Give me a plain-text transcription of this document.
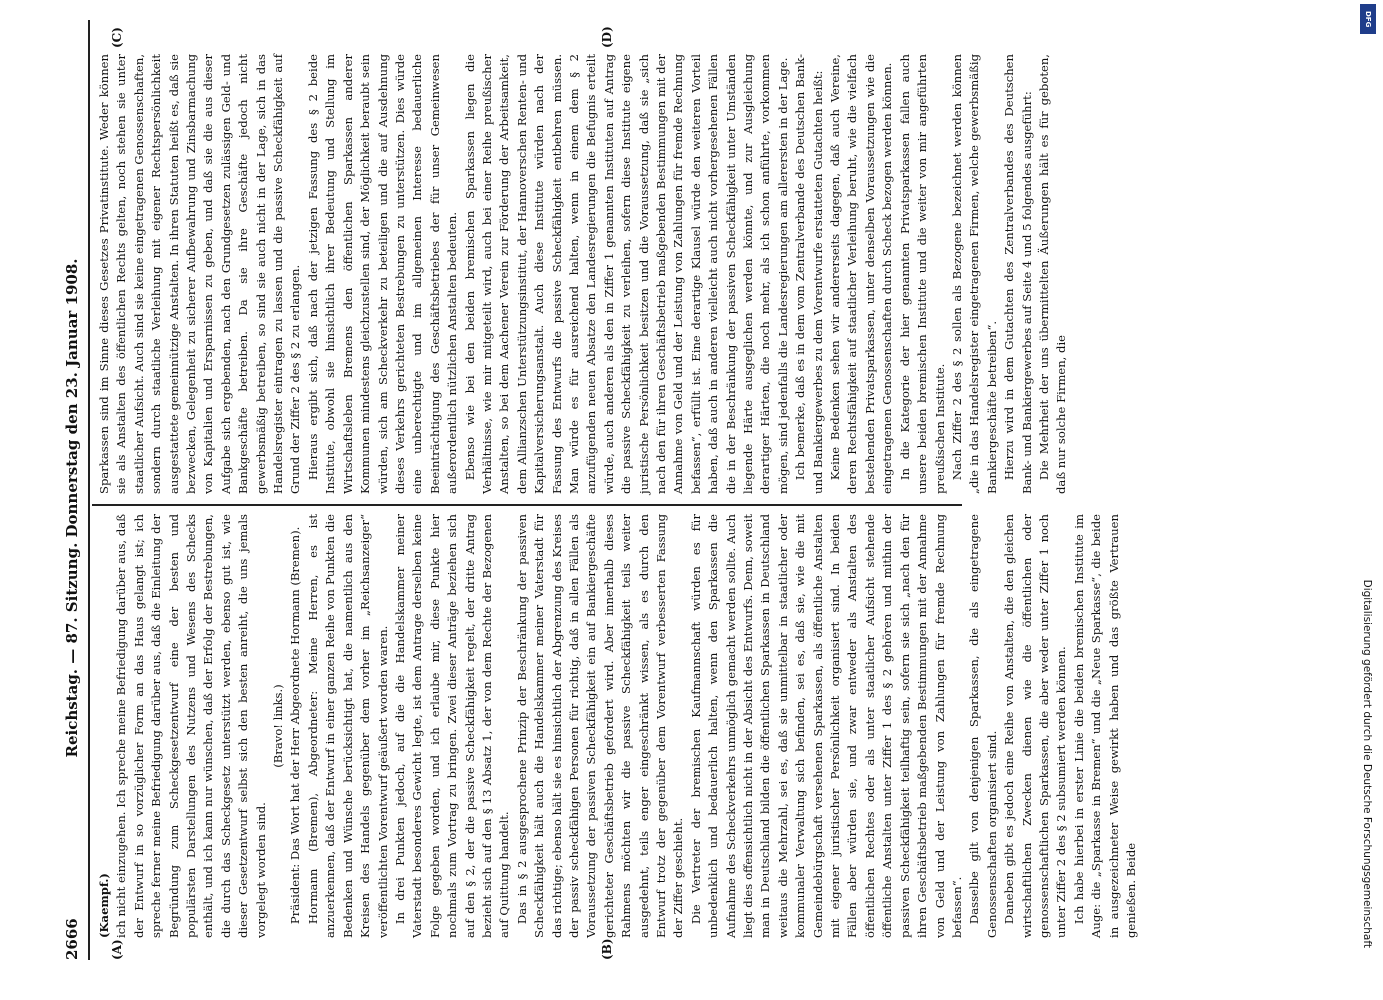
2666
Reichstag. — 87. Sitzung. Donnerstag den 23. Januar 1908.
(A)	(B)
(C)	(D)

(Kaempf.) ich nicht einzugehen. Ich spreche meine Befriedigung darüber aus, daß der Entwurf in so vorzüglicher Form an das Haus gelangt ist; ich spreche ferner meine Befriedigung darüber aus, daß die Einleitung der Begründung zum Scheckgesetzentwurf eine der besten und populärsten Darstellungen des Nutzens und Wesens des Schecks enthält, und ich kann nur wünschen, daß der Erfolg der Bestrebungen, die durch das Scheckgesetz unterstützt werden, ebenso gut ist, wie dieser Gesetzentwurf selbst sich den besten anreiht, die uns jemals vorgelegt worden sind.

(Bravo! links.) Präsident: Das Wort hat der Herr Abgeordnete Hormann (Bremen). Hormann (Bremen), Abgeordneter: Meine Herren, es ist anzuerkennen, daß der Entwurf in einer ganzen Reihe von Punkten die Bedenken und Wünsche berücksichtigt hat, die namentlich aus den Kreisen des Handels gegenüber dem vorher im „Reichsanzeiger“ veröffentlichten Vorentwurf geäußert worden waren. In drei Punkten jedoch, auf die die Handelskammer meiner Vaterstadt besonderes Gewicht legte, ist dem Antrage derselben keine Folge gegeben worden, und ich erlaube mir, diese Punkte hier nochmals zum Vortrag zu bringen. Zwei dieser Anträge beziehen sich auf den § 2, der die passive Scheckfähigkeit regelt, der dritte Antrag bezieht sich auf den § 13 Absatz 1, der von dem Rechte der Bezogenen auf Quittung handelt. Das in § 2 ausgesprochene Prinzip der Beschränkung der passiven Scheckfähigkeit hält auch die Handelskammer meiner Vaterstadt für das richtige; ebenso hält sie es hinsichtlich der Abgrenzung des Kreises der passiv scheckfähigen Personen für richtig, daß in allen Fällen als Voraussetzung der passiven Scheckfähigkeit ein auf Bankiergeschäfte gerichteter Geschäftsbetrieb gefordert wird. Aber innerhalb dieses Rahmens möchten wir die passive Scheckfähigkeit teils weiter ausgedehnt, teils enger eingeschränkt wissen, als es durch den Entwurf trotz der gegenüber dem Vorentwurf verbesserten Fassung der Ziffer geschieht. Die Vertreter der bremischen Kaufmannschaft würden es für unbedenklich und bedauerlich halten, wenn den Sparkassen die Aufnahme des Scheckverkehrs unmöglich gemacht werden sollte. Auch liegt dies offensichtlich nicht in der Absicht des Entwurfs. Denn, soweit man in Deutschland bilden die öffentlichen Sparkassen in Deutschland weitaus die Mehrzahl, sei es, daß sie unmittelbar in staatlicher oder kommunaler Verwaltung sich befinden, sei es, daß sie, wie die mit Gemeindebürgschaft versehenen Sparkassen, als öffentliche Anstalten mit eigener juristischer Persönlichkeit organisiert sind. In beiden Fällen aber würden sie, und zwar entweder als Anstalten des öffentlichen Rechtes oder als unter staatlicher Aufsicht stehende öffentliche Anstalten unter Ziffer 1 des § 2 gehören und mithin der passiven Scheckfähigkeit teilhaftig sein, sofern sie sich „nach den für ihren Geschäftsbetrieb maßgebenden Bestimmungen mit der Annahme von Geld und der Leistung von Zahlungen für fremde Rechnung befassen“. Dasselbe gilt von denjenigen Sparkassen, die als eingetragene Genossenschaften organisiert sind. Daneben gibt es jedoch eine Reihe von Anstalten, die den gleichen wirtschaftlichen Zwecken dienen wie die öffentlichen oder genossenschaftlichen Sparkassen, die aber weder unter Ziffer 1 noch unter Ziffer 2 des § 2 subsumiert werden können. Ich habe hierbei in erster Linie die beiden bremischen Institute im Auge: die „Sparkasse in Bremen“ und die „Neue Sparkasse“, die beide in ausgezeichneter Weise gewirkt haben und das größte Vertrauen genießen. Beide

Sparkassen sind im Sinne dieses Gesetzes Privatinstitute. Weder können sie als Anstalten des öffentlichen Rechts gelten, noch stehen sie unter staatlicher Aufsicht. Auch sind sie keine eingetragenen Genossenschaften, sondern durch staatliche Verleihung mit eigener Rechtspersönlichkeit ausgestattete gemeinnützige Anstalten. In ihren Statuten heißt es, daß sie bezwecken, Gelegenheit zu sicherer Aufbewahrung und Zinsbarmachung von Kapitalien und Ersparnissen zu geben, und daß sie die aus dieser Aufgabe sich ergebenden, nach den Grundgesetzen zulässigen Geld- und Bankgeschäfte betreiben. Da sie ihre Geschäfte jedoch nicht gewerbsmäßig betreiben, so sind sie auch nicht in der Lage, sich in das Handelsregister eintragen zu lassen und die passive Scheckfähigkeit auf Grund der Ziffer 2 des § 2 zu erlangen. Hieraus ergibt sich, daß nach der jetzigen Fassung des § 2 beide Institute, obwohl sie hinsichtlich ihrer Bedeutung und Stellung im Wirtschaftsleben Bremens den öffentlichen Sparkassen anderer Kommunen mindestens gleichzustellen sind, der Möglichkeit beraubt sein würden, sich am Scheckverkehr zu beteiligen und die auf Ausdehnung dieses Verkehrs gerichteten Bestrebungen zu unterstützen. Dies würde eine unberechtigte und im allgemeinen Interesse bedauerliche Beeinträchtigung des Geschäftsbetriebes der für unser Gemeinwesen außerordentlich nützlichen Anstalten bedeuten. Ebenso wie bei den beiden bremischen Sparkassen liegen die Verhältnisse, wie mir mitgeteilt wird, auch bei einer Reihe preußischer Anstalten, so bei dem Aachener Verein zur Förderung der Arbeitsamkeit, dem Allianzschen Unterstützungsinstitut, der Hannoverschen Renten- und Kapitalversicherungsanstalt. Auch diese Institute würden nach der Fassung des Entwurfs die passive Scheckfähigkeit entbehren müssen. Man würde es für ausreichend halten, wenn in einem dem § 2 anzufügenden neuen Absatze den Landesregierungen die Befugnis erteilt würde, auch anderen als den in Ziffer 1 genannten Instituten auf Antrag die passive Scheckfähigkeit zu verleihen, sofern diese Institute eigene juristische Persönlichkeit besitzen und die Voraussetzung, daß sie „sich nach den für ihren Geschäftsbetrieb maßgebenden Bestimmungen mit der Annahme von Geld und der Leistung von Zahlungen für fremde Rechnung befassen“, erfüllt ist. Eine derartige Klausel würde den weiteren Vorteil haben, daß auch in anderen vielleicht auch nicht vorhergesehenen Fällen die in der Beschränkung der passiven Scheckfähigkeit unter Umständen liegende Härte ausgeglichen werden könnte, und zur Ausgleichung derartiger Härten, die noch mehr, als ich schon anführte, vorkommen mögen, sind jedenfalls die Landesregierungen am allerersten in der Lage. Ich bemerke, daß es in dem vom Zentralverbande des Deutschen Bank- und Bankiergewerbes zu dem Vorentwurfe erstatteten Gutachten heißt: Keine Bedenken sehen wir andererseits dagegen, daß auch Vereine, deren Rechtsfähigkeit auf staatlicher Verleihung beruht, wie die vielfach bestehenden Privatsparkassen, unter denselben Voraussetzungen wie die eingetragenen Genossenschaften durch Scheck bezogen werden können. In die Kategorie der hier genannten Privatsparkassen fallen auch unsere beiden bremischen Institute und die weiter von mir angeführten preußischen Institute. Nach Ziffer 2 des § 2 sollen als Bezogene bezeichnet werden können „die in das Handelsregister eingetragenen Firmen, welche gewerbsmäßig Bankiergeschäfte betreiben“. Hierzu wird in dem Gutachten des Zentralverbandes des Deutschen Bank- und Bankiergewerbes auf Seite 4 und 5 folgendes ausgeführt: Die Mehrheit der uns übermittelten Äußerungen hält es für geboten, daß nur solche Firmen, die

DFG
Digitalisierung gefördert durch die Deutsche Forschungsgemeinschaft
